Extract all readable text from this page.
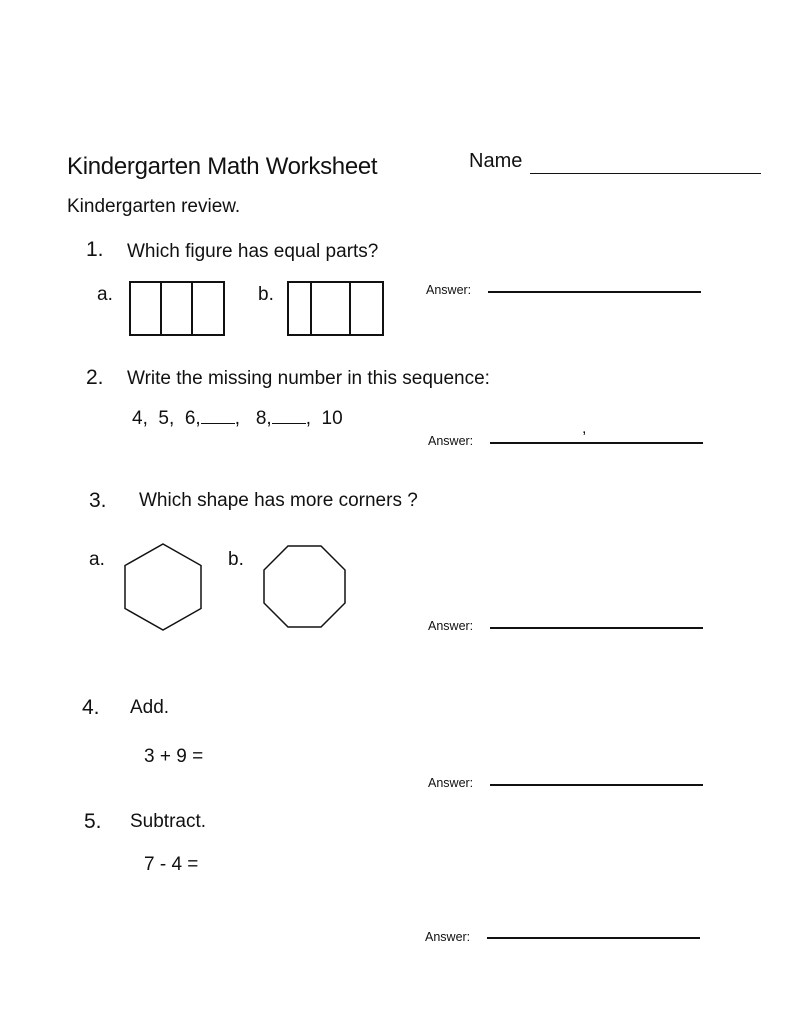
Kindergarten Math Worksheet	Name
Kindergarten review.
1. Which figure has equal parts?
a.	b.	Answer:
2. Write the missing number in this sequence:
4, 5, 6, , 8, , 10
Answer:
,
3. Which shape has more corners ?
a.	b.
Answer:
4. Add.
3 + 9 =
Answer:
5. Subtract.
7 - 4 =
Answer:
